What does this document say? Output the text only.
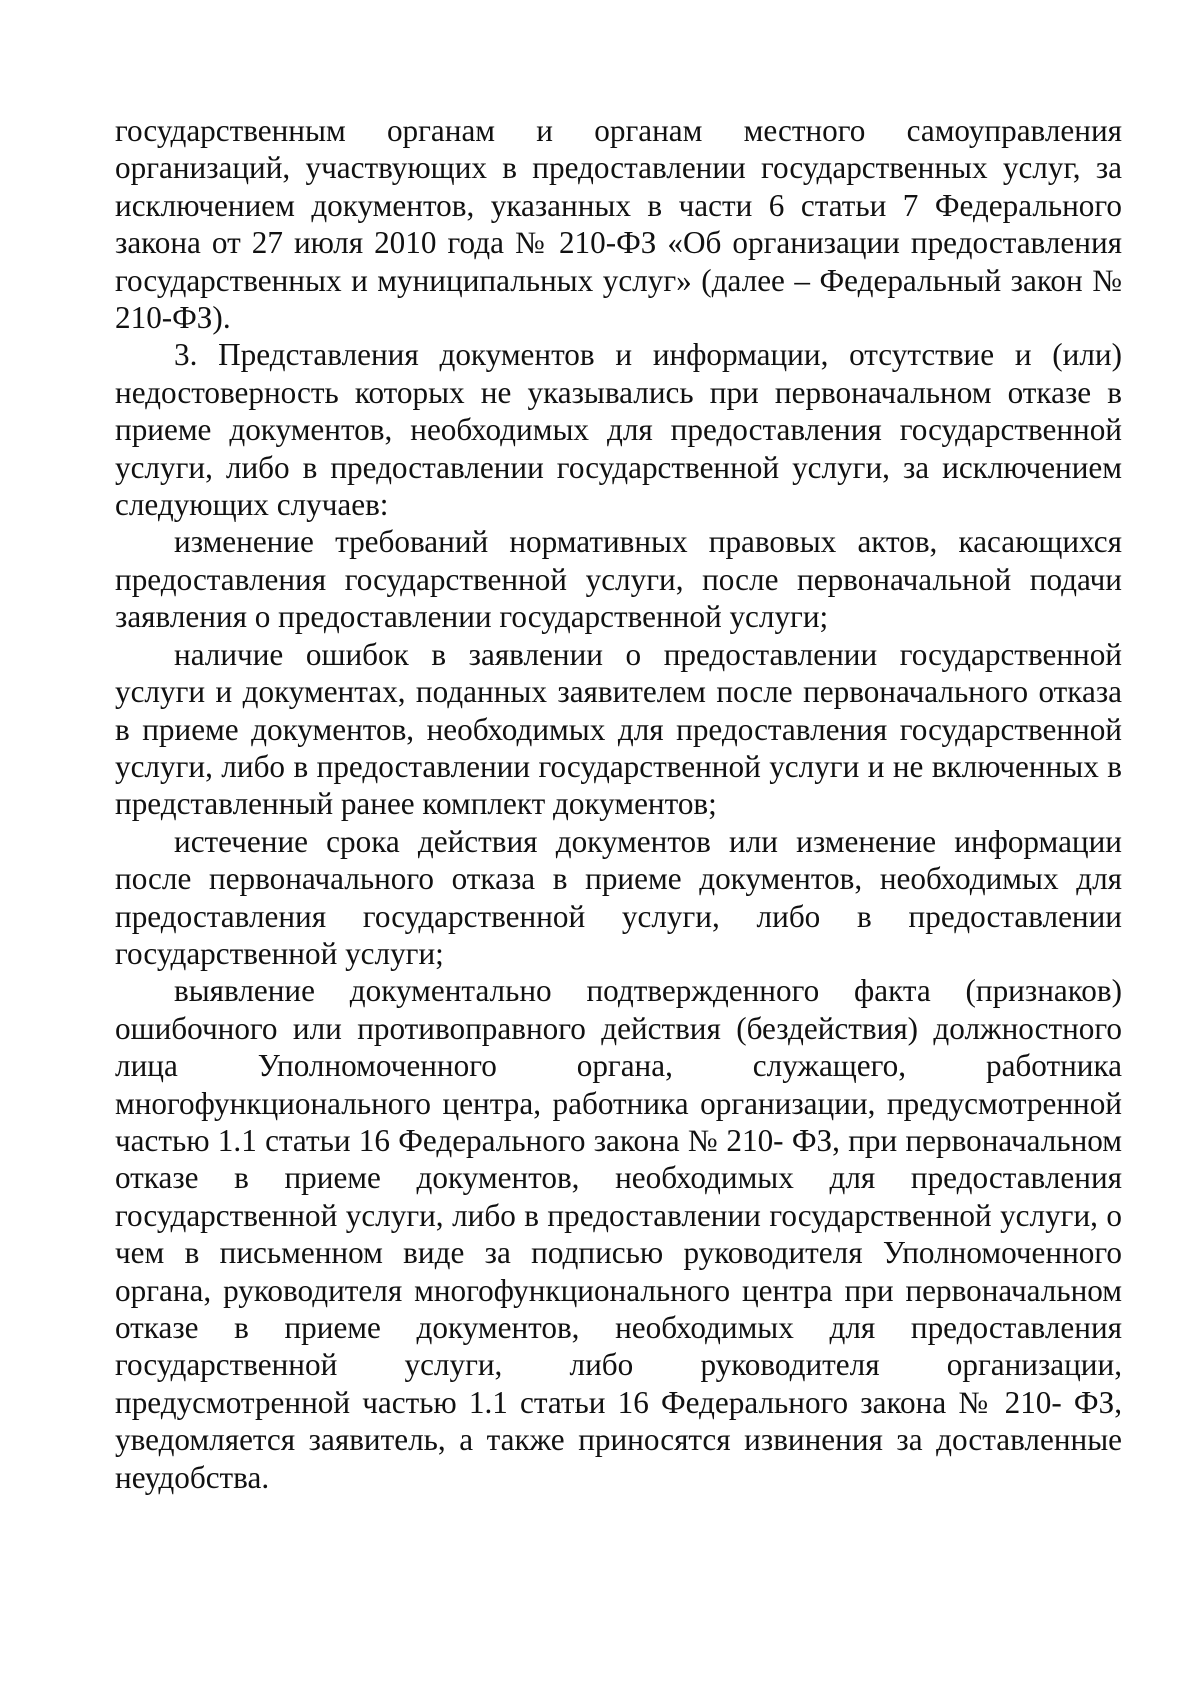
государственным органам и органам местного самоуправления организаций, участвующих в предоставлении государственных услуг, за исключением документов, указанных в части 6 статьи 7 Федерального закона от 27 июля 2010 года № 210-ФЗ «Об организации предоставления государственных и муниципальных услуг» (далее – Федеральный закон № 210-ФЗ).

3. Представления документов и информации, отсутствие и (или) недостоверность которых не указывались при первоначальном отказе в приеме документов, необходимых для предоставления государственной услуги, либо в предоставлении государственной услуги, за исключением следующих случаев:

изменение требований нормативных правовых актов, касающихся предоставления государственной услуги, после первоначальной подачи заявления о предоставлении государственной услуги;

наличие ошибок в заявлении о предоставлении государственной услуги и документах, поданных заявителем после первоначального отказа в приеме документов, необходимых для предоставления государственной услуги, либо в предоставлении государственной услуги и не включенных в представленный ранее комплект документов;

истечение срока действия документов или изменение информации после первоначального отказа в приеме документов, необходимых для предоставления государственной услуги, либо в предоставлении государственной услуги;

выявление документально подтвержденного факта (признаков) ошибочного или противоправного действия (бездействия) должностного лица Уполномоченного органа, служащего, работника многофункционального центра, работника организации, предусмотренной частью 1.1 статьи 16 Федерального закона № 210- ФЗ, при первоначальном отказе в приеме документов, необходимых для предоставления государственной услуги, либо в предоставлении государственной услуги, о чем в письменном виде за подписью руководителя Уполномоченного органа, руководителя многофункционального центра при первоначальном отказе в приеме документов, необходимых для предоставления государственной услуги, либо руководителя организации, предусмотренной частью 1.1 статьи 16 Федерального закона № 210- ФЗ, уведомляется заявитель, а также приносятся извинения за доставленные неудобства.
